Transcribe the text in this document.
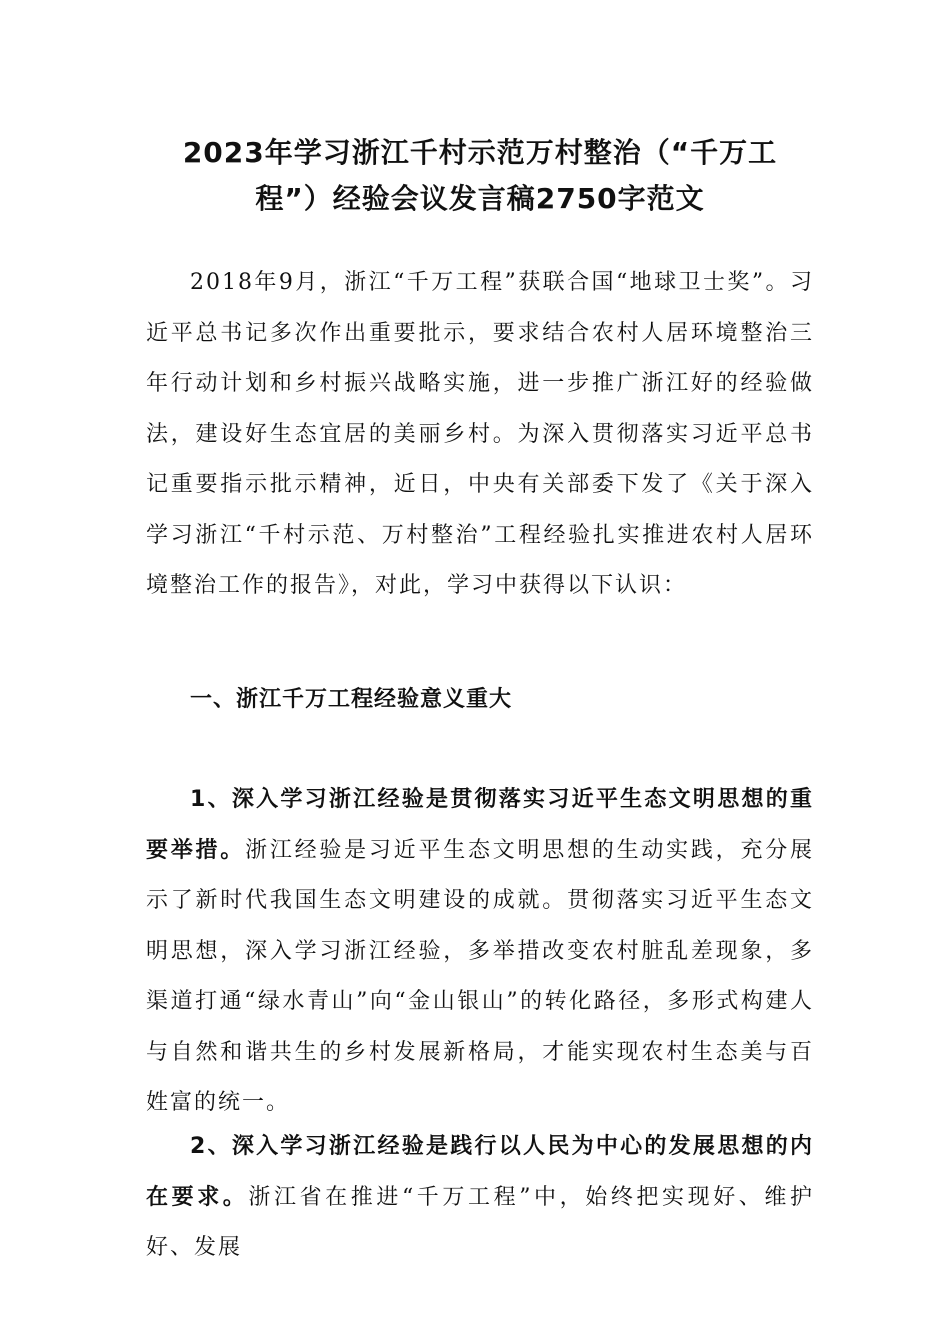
2023年学习浙江千村示范万村整治（“千万工
程”）经验会议发言稿2750字范文

2018年9月，浙江“千万工程”获联合国“地球卫士奖”。习近平总书记多次作出重要批示，要求结合农村人居环境整治三年行动计划和乡村振兴战略实施，进一步推广浙江好的经验做法，建设好生态宜居的美丽乡村。为深入贯彻落实习近平总书记重要指示批示精神，近日，中央有关部委下发了《关于深入学习浙江“千村示范、万村整治”工程经验扎实推进农村人居环境整治工作的报告》，对此，学习中获得以下认识：

一、浙江千万工程经验意义重大

1、深入学习浙江经验是贯彻落实习近平生态文明思想的重要举措。浙江经验是习近平生态文明思想的生动实践，充分展示了新时代我国生态文明建设的成就。贯彻落实习近平生态文明思想，深入学习浙江经验，多举措改变农村脏乱差现象，多渠道打通“绿水青山”向“金山银山”的转化路径，多形式构建人与自然和谐共生的乡村发展新格局，才能实现农村生态美与百姓富的统一。

2、深入学习浙江经验是践行以人民为中心的发展思想的内在要求。浙江省在推进“千万工程”中，始终把实现好、维护好、发展
